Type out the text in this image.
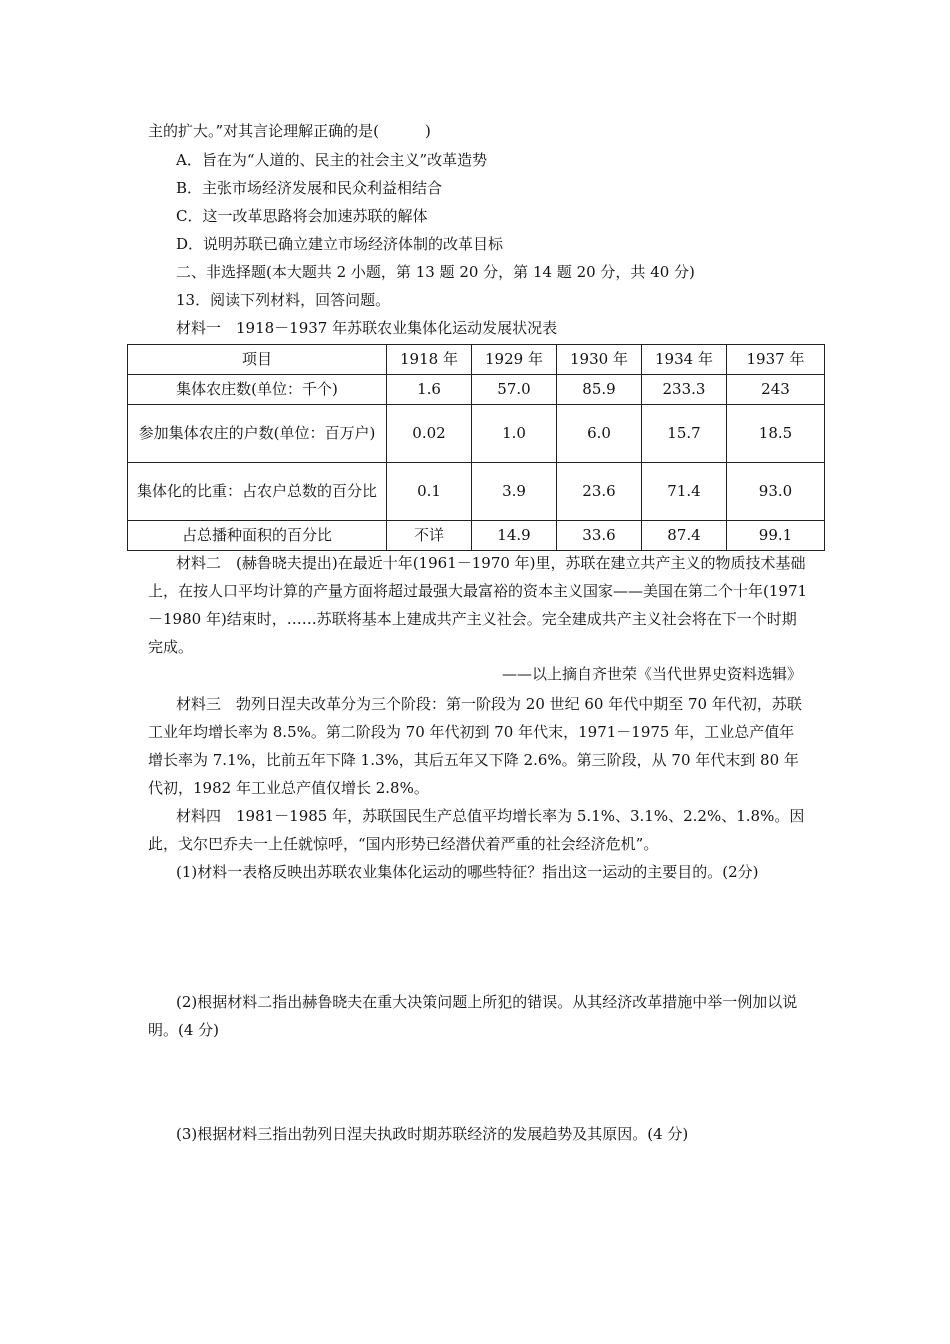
主的扩大。”对其言论理解正确的是(	)
A．旨在为“人道的、民主的社会主义”改革造势
B．主张市场经济发展和民众利益相结合
C．这一改革思路将会加速苏联的解体
D．说明苏联已确立建立市场经济体制的改革目标
二、非选择题(本大题共 2 小题，第 13 题 20 分，第 14 题 20 分，共 40 分)
13．阅读下列材料，回答问题。
材料一　1918－1937 年苏联农业集体化运动发展状况表
项目	1918 年	1929 年	1930 年	1934 年	1937 年
集体农庄数(单位：千个)	1.6	57.0	85.9	233.3	243
参加集体农庄的户数(单位：百万户)	0.02	1.0	6.0	15.7	18.5
集体化的比重：占农户总数的百分比	0.1	3.9	23.6	71.4	93.0
占总播种面积的百分比	不详	14.9	33.6	87.4	99.1
材料二　(赫鲁晓夫提出)在最近十年(1961－1970 年)里，苏联在建立共产主义的物质技术基础上，在按人口平均计算的产量方面将超过最强大最富裕的资本主义国家——美国在第二个十年(1971－1980 年)结束时，……苏联将基本上建成共产主义社会。完全建成共产主义社会将在下一个时期完成。
——以上摘自齐世荣《当代世界史资料选辑》
材料三　勃列日涅夫改革分为三个阶段：第一阶段为 20 世纪 60 年代中期至 70 年代初，苏联工业年均增长率为 8.5%。第二阶段为 70 年代初到 70 年代末，1971－1975 年，工业总产值年增长率为 7.1%，比前五年下降 1.3%，其后五年又下降 2.6%。第三阶段，从 70 年代末到 80 年代初，1982 年工业总产值仅增长 2.8%。
材料四　1981－1985 年，苏联国民生产总值平均增长率为 5.1%、3.1%、2.2%、1.8%。因此，戈尔巴乔夫一上任就惊呼，“国内形势已经潜伏着严重的社会经济危机”。
(1)材料一表格反映出苏联农业集体化运动的哪些特征？指出这一运动的主要目的。(2分)
(2)根据材料二指出赫鲁晓夫在重大决策问题上所犯的错误。从其经济改革措施中举一例加以说明。(4 分)
(3)根据材料三指出勃列日涅夫执政时期苏联经济的发展趋势及其原因。(4 分)
